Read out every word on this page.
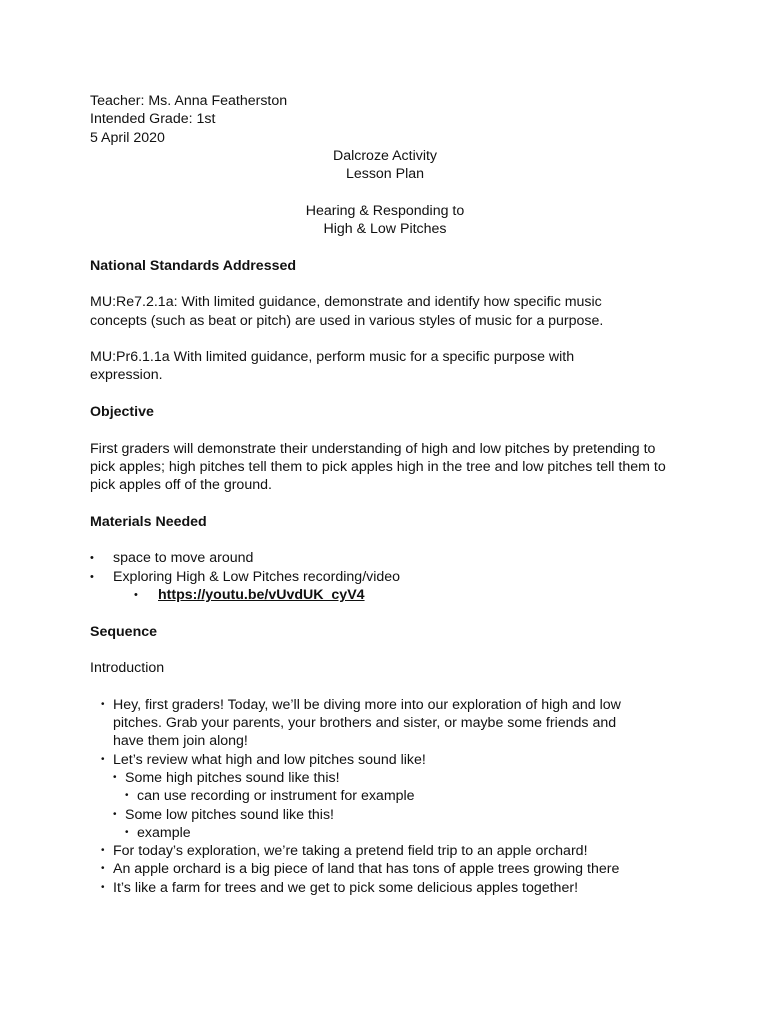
Teacher: Ms. Anna Featherston

Intended Grade: 1st

5 April 2020

Dalcroze Activity

Lesson Plan

Hearing & Responding to

High & Low Pitches

National Standards Addressed

MU:Re7.2.1a: With limited guidance, demonstrate and identify how specific music concepts (such as beat or pitch) are used in various styles of music for a purpose.

MU:Pr6.1.1a With limited guidance, perform music for a specific purpose with expression.

Objective

First graders will demonstrate their understanding of high and low pitches by pretending to pick apples; high pitches tell them to pick apples high in the tree and low pitches tell them to pick apples off of the ground.

Materials Needed

• space to move around
• Exploring High & Low Pitches recording/video
• https://youtu.be/vUvdUK_cyV4

Sequence

Introduction

• Hey, first graders! Today, we’ll be diving more into our exploration of high and low
pitches. Grab your parents, your brothers and sister, or maybe some friends and
have them join along!
• Let’s review what high and low pitches sound like!
• Some high pitches sound like this!
• can use recording or instrument for example
• Some low pitches sound like this!
• example
• For today’s exploration, we’re taking a pretend field trip to an apple orchard!
• An apple orchard is a big piece of land that has tons of apple trees growing there
• It’s like a farm for trees and we get to pick some delicious apples together!
